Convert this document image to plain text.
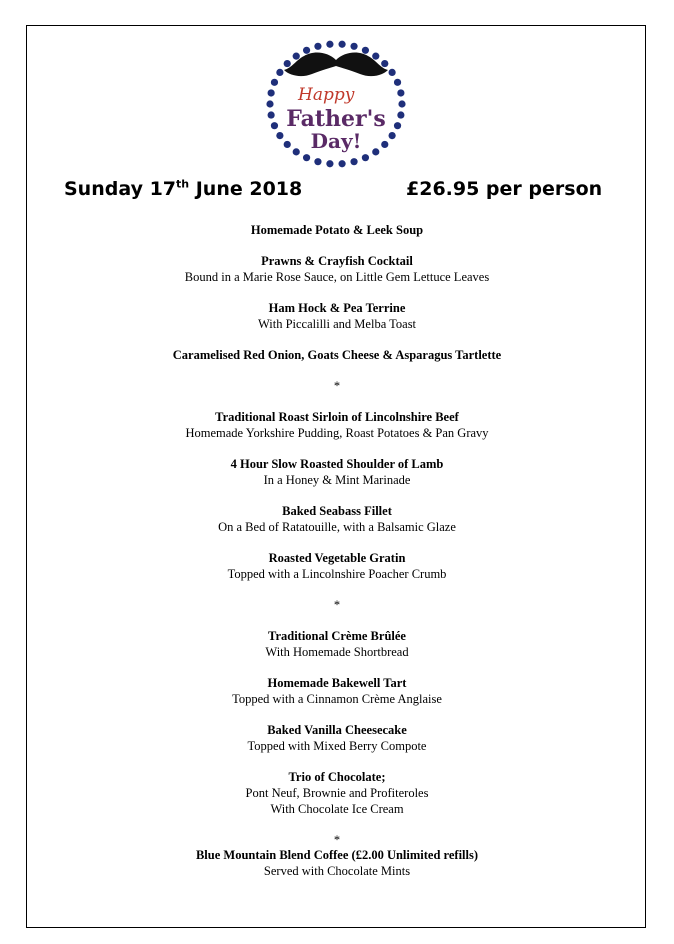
Happy
Father's
Day!
Sunday 17th June 2018	£26.95 per person
Homemade Potato & Leek Soup
Prawns & Crayfish Cocktail
Bound in a Marie Rose Sauce, on Little Gem Lettuce Leaves
Ham Hock & Pea Terrine
With Piccalilli and Melba Toast
Caramelised Red Onion, Goats Cheese & Asparagus Tartlette
*
Traditional Roast Sirloin of Lincolnshire Beef
Homemade Yorkshire Pudding, Roast Potatoes & Pan Gravy
4 Hour Slow Roasted Shoulder of Lamb
In a Honey & Mint Marinade
Baked Seabass Fillet
On a Bed of Ratatouille, with a Balsamic Glaze
Roasted Vegetable Gratin
Topped with a Lincolnshire Poacher Crumb
*
Traditional Crème Brûlée
With Homemade Shortbread
Homemade Bakewell Tart
Topped with a Cinnamon Crème Anglaise
Baked Vanilla Cheesecake
Topped with Mixed Berry Compote
Trio of Chocolate;
Pont Neuf, Brownie and Profiteroles
With Chocolate Ice Cream
*
Blue Mountain Blend Coffee (£2.00 Unlimited refills)
Served with Chocolate Mints
